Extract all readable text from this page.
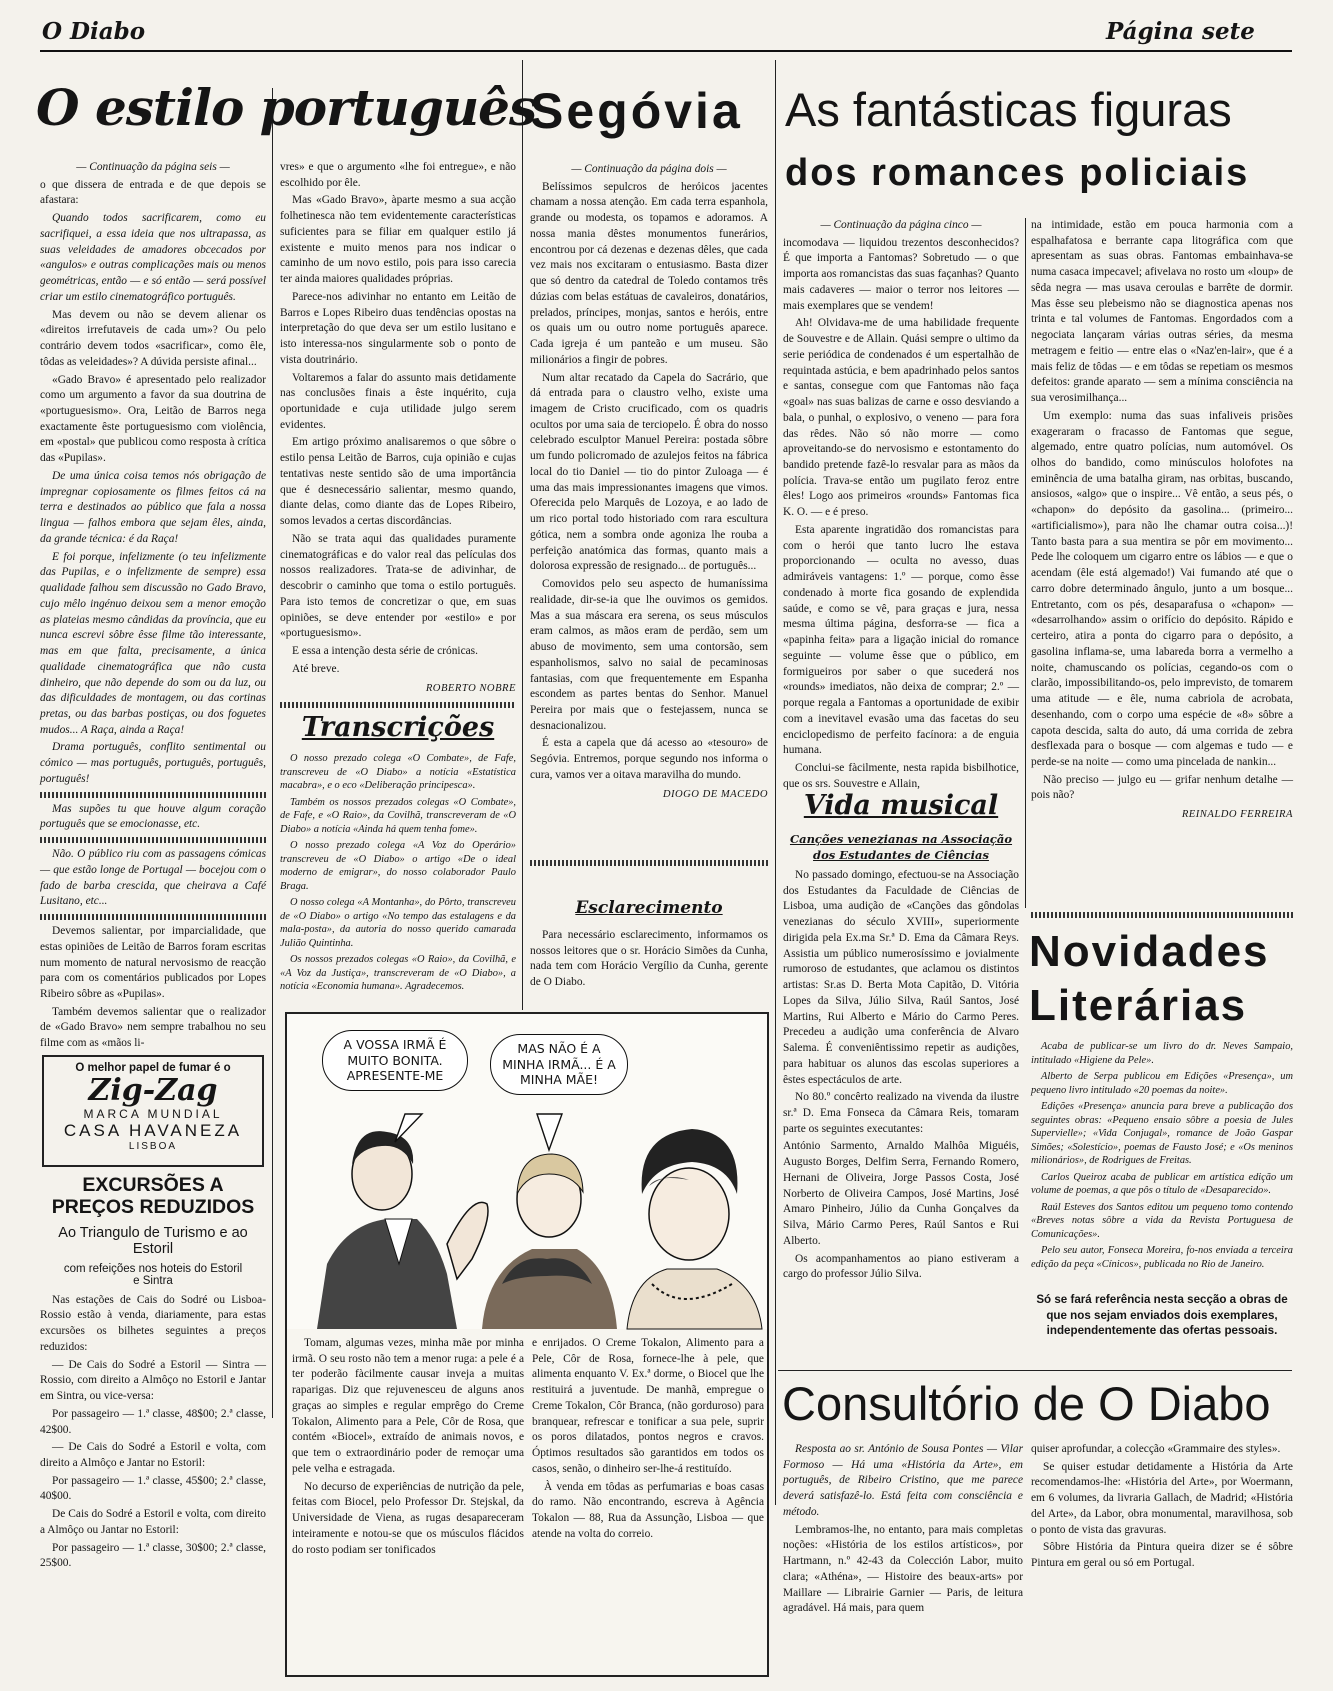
O Diabo	Página sete
O estilo português

— Continuação da página seis —

o que dissera de entrada e de que depois se afastara:

Quando todos sacrificarem, como eu sacrifiquei, a essa ideia que nos ultrapassa, as suas veleidades de amadores obcecados por «angulos» e outras complicações mais ou menos geométricas, então — e só então — será possível criar um estilo cinematográfico português.

Mas devem ou não se devem alienar os «direitos irrefutaveis de cada um»? Ou pelo contrário devem todos «sacrificar», como êle, tôdas as veleidades»? A dúvida persiste afinal...

«Gado Bravo» é apresentado pelo realizador como um argumento a favor da sua doutrina de «portuguesismo». Ora, Leitão de Barros nega exactamente êste portuguesismo com violência, em «postal» que publicou como resposta à crítica das «Pupilas».

De uma única coisa temos nós obrigação de impregnar copiosamente os filmes feitos cá na terra e destinados ao público que fala a nossa lingua — falhos embora que sejam êles, ainda, da grande técnica: é da Raça!

E foi porque, infelizmente (o teu infelizmente das Pupilas, e o infelizmente de sempre) essa qualidade falhou sem discussão no Gado Bravo, cujo mêlo ingénuo deixou sem a menor emoção as plateias mesmo cândidas da província, que eu nunca escrevi sôbre êsse filme tão interessante, mas em que falta, precisamente, a única qualidade cinematográfica que não custa dinheiro, que não depende do som ou da luz, ou das dificuldades de montagem, ou das cortinas pretas, ou das barbas postiças, ou dos foguetes mudos... A Raça, ainda a Raça!

Drama português, conflito sentimental ou cómico — mas português, português, português, português!

Mas supões tu que houve algum coração português que se emocionasse, etc.

Não. O público riu com as passagens cómicas — que estão longe de Portugal — bocejou com o fado de barba crescida, que cheirava a Café Lusitano, etc...

Devemos salientar, por imparcialidade, que estas opiniões de Leitão de Barros foram escritas num momento de natural nervosismo de reacção para com os comentários publicados por Lopes Ribeiro sôbre as «Pupilas».

Também devemos salientar que o realizador de «Gado Bravo» nem sempre trabalhou no seu filme com as «mãos li-

vres» e que o argumento «lhe foi entregue», e não escolhido por êle.

Mas «Gado Bravo», àparte mesmo a sua acção folhetinesca não tem evidentemente características suficientes para se filiar em qualquer estilo já existente e muito menos para nos indicar o caminho de um novo estilo, pois para isso carecia ter ainda maiores qualidades próprias.

Parece-nos adivinhar no entanto em Leitão de Barros e Lopes Ribeiro duas tendências opostas na interpretação do que deva ser um estilo lusitano e isto interessa-nos singularmente sob o ponto de vista doutrinário.

Voltaremos a falar do assunto mais detidamente nas conclusões finais a êste inquérito, cuja oportunidade e cuja utilidade julgo serem evidentes.

Em artigo próximo analisaremos o que sôbre o estilo pensa Leitão de Barros, cuja opinião e cujas tentativas neste sentido são de uma importância que é desnecessário salientar, mesmo quando, diante delas, como diante das de Lopes Ribeiro, somos levados a certas discordâncias.

Não se trata aqui das qualidades puramente cinematográficas e do valor real das películas dos nossos realizadores. Trata-se de adivinhar, de descobrir o caminho que toma o estilo português. Para isto temos de concretizar o que, em suas opiniões, se deve entender por «estilo» e por «portuguesismo».

E essa a intenção desta série de crónicas.

Até breve.

ROBERTO NOBRE

Transcrições

O nosso prezado colega «O Combate», de Fafe, transcreveu de «O Diabo» a notícia «Estatística macabra», e o eco «Deliberação principesca».

Também os nossos prezados colegas «O Combate», de Fafe, e «O Raio», da Covilhã, transcreveram de «O Diabo» a notícia «Ainda há quem tenha fome».

O nosso prezado colega «A Voz do Operário» transcreveu de «O Diabo» o artigo «De o ideal moderno de emigrar», do nosso colaborador Paulo Braga.

O nosso colega «A Montanha», do Pôrto, transcreveu de «O Diabo» o artigo «No tempo das estalagens e da mala-posta», da autoria do nosso querido camarada Julião Quintinha.

Os nossos prezados colegas «O Raio», da Covilhã, e «A Voz da Justiça», transcreveram de «O Diabo», a notícia «Economia humana». Agradecemos.

O melhor papel de fumar é o
Zig-Zag
MARCA MUNDIAL
CASA HAVANEZA
LISBOA
EXCURSÕES A PREÇOS REDUZIDOS
Ao Triangulo de Turismo e ao Estoril
com refeições nos hoteis do Estoril e Sintra

Nas estações de Cais do Sodré ou Lisboa-Rossio estão à venda, diariamente, para estas excursões os bilhetes seguintes a preços reduzidos:

— De Cais do Sodré a Estoril — Sintra — Rossio, com direito a Almôço no Estoril e Jantar em Sintra, ou vice-versa:

Por passageiro — 1.ª classe, 48$00; 2.ª classe, 42$00.

— De Cais do Sodré a Estoril e volta, com direito a Almôço e Jantar no Estoril:

Por passageiro — 1.ª classe, 45$00; 2.ª classe, 40$00.

De Cais do Sodré a Estoril e volta, com direito a Almôço ou Jantar no Estoril:

Por passageiro — 1.ª classe, 30$00; 2.ª classe, 25$00.

Segóvia

— Continuação da página dois —

Belíssimos sepulcros de heróicos jacentes chamam a nossa atenção. Em cada terra espanhola, grande ou modesta, os topamos e adoramos. A nossa mania dêstes monumentos funerários, encontrou por cá dezenas e dezenas dêles, que cada vez mais nos excitaram o entusiasmo. Basta dizer que só dentro da catedral de Toledo contamos três dúzias com belas estátuas de cavaleiros, donatários, prelados, príncipes, monjas, santos e heróis, entre os quais um ou outro nome português aparece. Cada igreja é um panteão e um museu. São milionários a fingir de pobres.

Num altar recatado da Capela do Sacrário, que dá entrada para o claustro velho, existe uma imagem de Cristo crucificado, com os quadris ocultos por uma saia de terciopelo. É obra do nosso celebrado esculptor Manuel Pereira: postada sôbre um fundo policromado de azulejos feitos na fábrica local do tio Daniel — tio do pintor Zuloaga — é uma das mais impressionantes imagens que vimos. Oferecida pelo Marquês de Lozoya, e ao lado de um rico portal todo historiado com rara escultura gótica, nem a sombra onde agoniza lhe rouba a perfeição anatómica das formas, quanto mais a dolorosa expressão de resignado... de português...

Comovidos pelo seu aspecto de humaníssima realidade, dir-se-ia que lhe ouvimos os gemidos. Mas a sua máscara era serena, os seus músculos eram calmos, as mãos eram de perdão, sem um abuso de movimento, sem uma contorsão, sem espanholismos, salvo no saial de pecaminosas fantasias, com que frequentemente em Espanha escondem as partes bentas do Senhor. Manuel Pereira por mais que o festejassem, nunca se desnacionalizou.

É esta a capela que dá acesso ao «tesouro» de Segóvia. Entremos, porque segundo nos informa o cura, vamos ver a oitava maravilha do mundo.

DIOGO DE MACEDO

Esclarecimento

Para necessário esclarecimento, informamos os nossos leitores que o sr. Horácio Simões da Cunha, nada tem com Horácio Vergílio da Cunha, gerente de O Diabo.

A VOSSA IRMÃ É MUITO BONITA. APRESENTE-ME
MAS NÃO É A MINHA IRMÃ... É A MINHA MÃE!

Tomam, algumas vezes, minha mãe por minha irmã. O seu rosto não tem a menor ruga: a pele é a ter poderão fàcilmente causar inveja a muitas raparigas. Diz que rejuvenesceu de alguns anos graças ao simples e regular emprêgo do Creme Tokalon, Alimento para a Pele, Côr de Rosa, que contém «Biocel», extraído de animais novos, e que tem o extraordinário poder de remoçar uma pele velha e estragada.

No decurso de experiências de nutrição da pele, feitas com Biocel, pelo Professor Dr. Stejskal, da Universidade de Viena, as rugas desapareceram inteiramente e notou-se que os músculos flácidos do rosto podiam ser tonificados

e enrijados. O Creme Tokalon, Alimento para a Pele, Côr de Rosa, fornece-lhe à pele, que alimenta enquanto V. Ex.ª dorme, o Biocel que lhe restituirá a juventude. De manhã, empregue o Creme Tokalon, Côr Branca, (não gorduroso) para branquear, refrescar e tonificar a sua pele, suprir os poros dilatados, pontos negros e cravos. Óptimos resultados são garantidos em todos os casos, senão, o dinheiro ser-lhe-á restituído.

À venda em tôdas as perfumarias e boas casas do ramo. Não encontrando, escreva à Agência Tokalon — 88, Rua da Assunção, Lisboa — que atende na volta do correio.

As fantásticas figuras
dos romances policiais

— Continuação da página cinco —

incomodava — liquidou trezentos desconhecidos? É que importa a Fantomas? Sobretudo — o que importa aos romancistas das suas façanhas? Quanto mais cadaveres — maior o terror nos leitores — mais exemplares que se vendem!

Ah! Olvidava-me de uma habilidade frequente de Souvestre e de Allain. Quási sempre o ultimo da serie periódica de condenados é um espertalhão de requintada astúcia, e bem apadrinhado pelos santos e santas, consegue com que Fantomas não faça «goal» nas suas balizas de carne e osso desviando a bala, o punhal, o explosivo, o veneno — para fora das rêdes. Não só não morre — como aproveitando-se do nervosismo e estontamento do bandido pretende fazê-lo resvalar para as mãos da polícia. Trava-se então um pugilato feroz entre êles! Logo aos primeiros «rounds» Fantomas fica K. O. — e é preso.

Esta aparente ingratidão dos romancistas para com o herói que tanto lucro lhe estava proporcionando — oculta no avesso, duas admiráveis vantagens: 1.º — porque, como êsse condenado à morte fica gosando de explendida saúde, e como se vê, para graças e jura, nessa mesma última página, desforra-se — fica a «papinha feita» para a ligação inicial do romance seguinte — volume êsse que o público, em formigueiros por saber o que sucederá nos «rounds» imediatos, não deixa de comprar; 2.º — porque regala a Fantomas a oportunidade de exibir com a inevitavel evasão uma das facetas do seu enciclopedismo de perfeito facínora: a de enguia humana.

Conclui-se fàcilmente, nesta rapida bisbilhotice, que os srs. Souvestre e Allain,

na intimidade, estão em pouca harmonia com a espalhafatosa e berrante capa litográfica com que apresentam as suas obras. Fantomas embainhava-se numa casaca impecavel; afivelava no rosto um «loup» de sêda negra — mas usava ceroulas e barrête de dormir. Mas êsse seu plebeismo não se diagnostica apenas nos trinta e tal volumes de Fantomas. Engordados com a negociata lançaram várias outras séries, da mesma metragem e feitio — entre elas o «Naz'en-lair», que é a mais feliz de tôdas — e em tôdas se repetiam os mesmos defeitos: grande aparato — sem a mínima consciência na sua verosimilhança...

Um exemplo: numa das suas infaliveis prisões exageraram o fracasso de Fantomas que segue, algemado, entre quatro polícias, num automóvel. Os olhos do bandido, como minúsculos holofotes na eminência de uma batalha giram, nas orbitas, buscando, ansiosos, «algo» que o inspire... Vê então, a seus pés, o «chapon» do depósito da gasolina... (primeiro... «artificialismo»), para não lhe chamar outra coisa...)! Tanto basta para a sua mentira se pôr em movimento... Pede lhe coloquem um cigarro entre os lábios — e que o acendam (êle está algemado!) Vai fumando até que o carro dobre determinado ângulo, junto a um bosque... Entretanto, com os pés, desaparafusa o «chapon» — «desarrolhando» assim o orifício do depósito. Rápido e certeiro, atira a ponta do cigarro para o depósito, a gasolina inflama-se, uma labareda borra a vermelho a noite, chamuscando os polícias, cegando-os com o clarão, impossibilitando-os, pelo imprevisto, de tomarem uma atitude — e êle, numa cabriola de acrobata, desenhando, com o corpo uma espécie de «8» sôbre a capota descida, salta do auto, dá uma corrida de zebra desflexada para o bosque — com algemas e tudo — e perde-se na noite — como uma pincelada de nankin...

Não preciso — julgo eu — grifar nenhum detalhe — pois não?

REINALDO FERREIRA

Vida musical
Canções venezianas na Associação dos Estudantes de Ciências

No passado domingo, efectuou-se na Associação dos Estudantes da Faculdade de Ciências de Lisboa, uma audição de «Canções das gôndolas venezianas do século XVIII», superiormente dirigida pela Ex.ma Sr.ª D. Ema da Câmara Reys. Assistia um público numerosíssimo e jovialmente rumoroso de estudantes, que aclamou os distintos artistas: Sr.as D. Berta Mota Capitão, D. Vitória Lopes da Silva, Júlio Silva, Raúl Santos, José Martins, Rui Alberto e Mário do Carmo Peres. Precedeu a audição uma conferência de Alvaro Salema. É conveniêntissimo repetir as audições, para habituar os alunos das escolas superiores a êstes espectáculos de arte.

No 80.º concêrto realizado na vivenda da ilustre sr.ª D. Ema Fonseca da Câmara Reis, tomaram parte os seguintes executantes:

António Sarmento, Arnaldo Malhôa Miguéis, Augusto Borges, Delfim Serra, Fernando Romero, Hernani de Oliveira, Jorge Passos Costa, José Norberto de Oliveira Campos, José Martins, José Amaro Pinheiro, Júlio da Cunha Gonçalves da Silva, Mário Carmo Peres, Raúl Santos e Rui Alberto.

Os acompanhamentos ao piano estiveram a cargo do professor Júlio Silva.

Novidades
Literárias

Acaba de publicar-se um livro do dr. Neves Sampaio, intitulado «Higiene da Pele».

Alberto de Serpa publicou em Edições «Presença», um pequeno livro intitulado «20 poemas da noite».

Edições «Presença» anuncia para breve a publicação dos seguintes obras: «Pequeno ensaio sôbre a poesia de Jules Supervielle»; «Vida Conjugal», romance de João Gaspar Simões; «Solestício», poemas de Fausto José; e «Os meninos milionários», de Rodrigues de Freitas.

Carlos Queiroz acaba de publicar em artística edição um volume de poemas, a que pôs o título de «Desaparecido».

Raúl Esteves dos Santos editou um pequeno tomo contendo «Breves notas sôbre a vida da Revista Portuguesa de Comunicações».

Pelo seu autor, Fonseca Moreira, fo-nos enviada a terceira edição da peça «Cínicos», publicada no Rio de Janeiro.

Só se fará referência nesta secção a obras de que nos sejam enviados dois exemplares, independentemente das ofertas pessoais.
Consultório de O Diabo

Resposta ao sr. António de Sousa Pontes — Vilar Formoso — Há uma «História da Arte», em português, de Ribeiro Cristino, que me parece deverá satisfazê-lo. Está feita com consciência e método.

Lembramos-lhe, no entanto, para mais completas noções: «História de los estilos artísticos», por Hartmann, n.º 42-43 da Colección Labor, muito clara; «Athéna», — Histoire des beaux-arts» por Maillare — Librairie Garnier — Paris, de leitura agradável. Há mais, para quem

quiser aprofundar, a colecção «Grammaire des styles».

Se quiser estudar detidamente a História da Arte recomendamos-lhe: «História del Arte», por Woermann, em 6 volumes, da livraria Gallach, de Madrid; «História del Arte», da Labor, obra monumental, maravilhosa, sob o ponto de vista das gravuras.

Sôbre História da Pintura queira dizer se é sôbre Pintura em geral ou só em Portugal.
